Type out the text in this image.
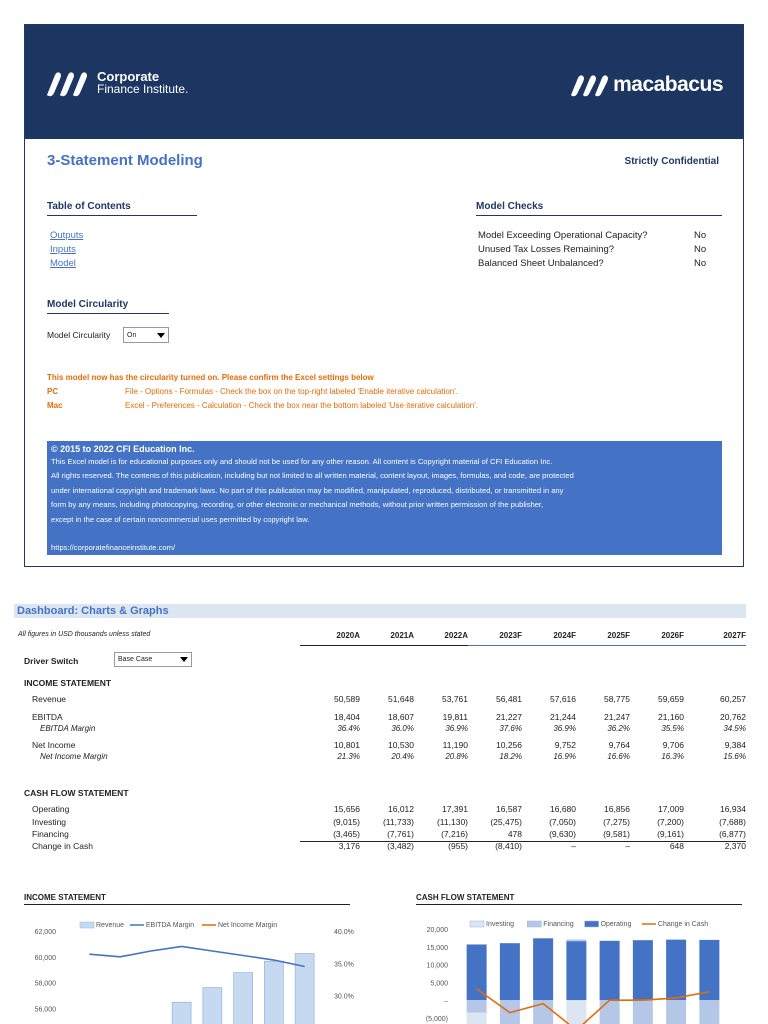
Corporate
Finance Institute.	macabacus
3-Statement Modeling	Strictly Confidential
Table of Contents
Outputs
Inputs
Model
Model Checks
Model Exceeding Operational Capacity?	No
Unused Tax Losses Remaining?	No
Balanced Sheet Unbalanced?	No
Model Circularity
Model Circularity On
This model now has the circularity turned on. Please confirm the Excel settings below
PC	File - Options - Formulas - Check the box on the top-right labeled 'Enable iterative calculation'.
Mac	Excel - Preferences - Calculation - Check the box near the bottom labeled 'Use iterative calculation'.
© 2015 to 2022 CFI Education Inc.
This Excel model is for educational purposes only and should not be used for any other reason. All content is Copyright material of CFI Education Inc.
All rights reserved. The contents of this publication, including but not limited to all written material, content layout, images, formulas, and code, are protected
under international copyright and trademark laws. No part of this publication may be modified, manipulated, reproduced, distributed, or transmitted in any
form by any means, including photocopying, recording, or other electronic or mechanical methods, without prior written permission of the publisher,
except in the case of certain noncommercial uses permitted by copyright law.

https://corporatefinanceinstitute.com/
Dashboard: Charts & Graphs
All figures in USD thousands unless stated	2020A	2021A	2022A	2023F	2024F	2025F	2026F	2027F
Driver Switch	Base Case
INCOME STATEMENT
Revenue	50,589	51,648	53,761	56,481	57,616	58,775	59,659	60,257
EBITDA	18,404	18,607	19,811	21,227	21,244	21,247	21,160	20,762
EBITDA Margin	36.4%	36.0%	36.9%	37.6%	36.9%	36.2%	35.5%	34.5%
Net Income	10,801	10,530	11,190	10,256	9,752	9,764	9,706	9,384
Net Income Margin	21.3%	20.4%	20.8%	18.2%	16.9%	16.6%	16.3%	15.6%
CASH FLOW STATEMENT
Operating	15,656	16,012	17,391	16,587	16,680	16,856	17,009	16,934
Investing	(9,015)	(11,733)	(11,130)	(25,475)	(7,050)	(7,275)	(7,200)	(7,688)
Financing	(3,465)	(7,761)	(7,216)	478	(9,630)	(9,581)	(9,161)	(6,877)
Change in Cash	3,176	(3,482)	(955)	(8,410)	–	–	648	2,370
INCOME STATEMENT
62,000
60,000
58,000
56,000
40.0%
35.0%
30.0%
Revenue	EBITDA Margin	Net Income Margin
CASH FLOW STATEMENT
20,000
15,000
10,000
5,000
–
(5,000)
Investing	Financing	Operating	Change in Cash
